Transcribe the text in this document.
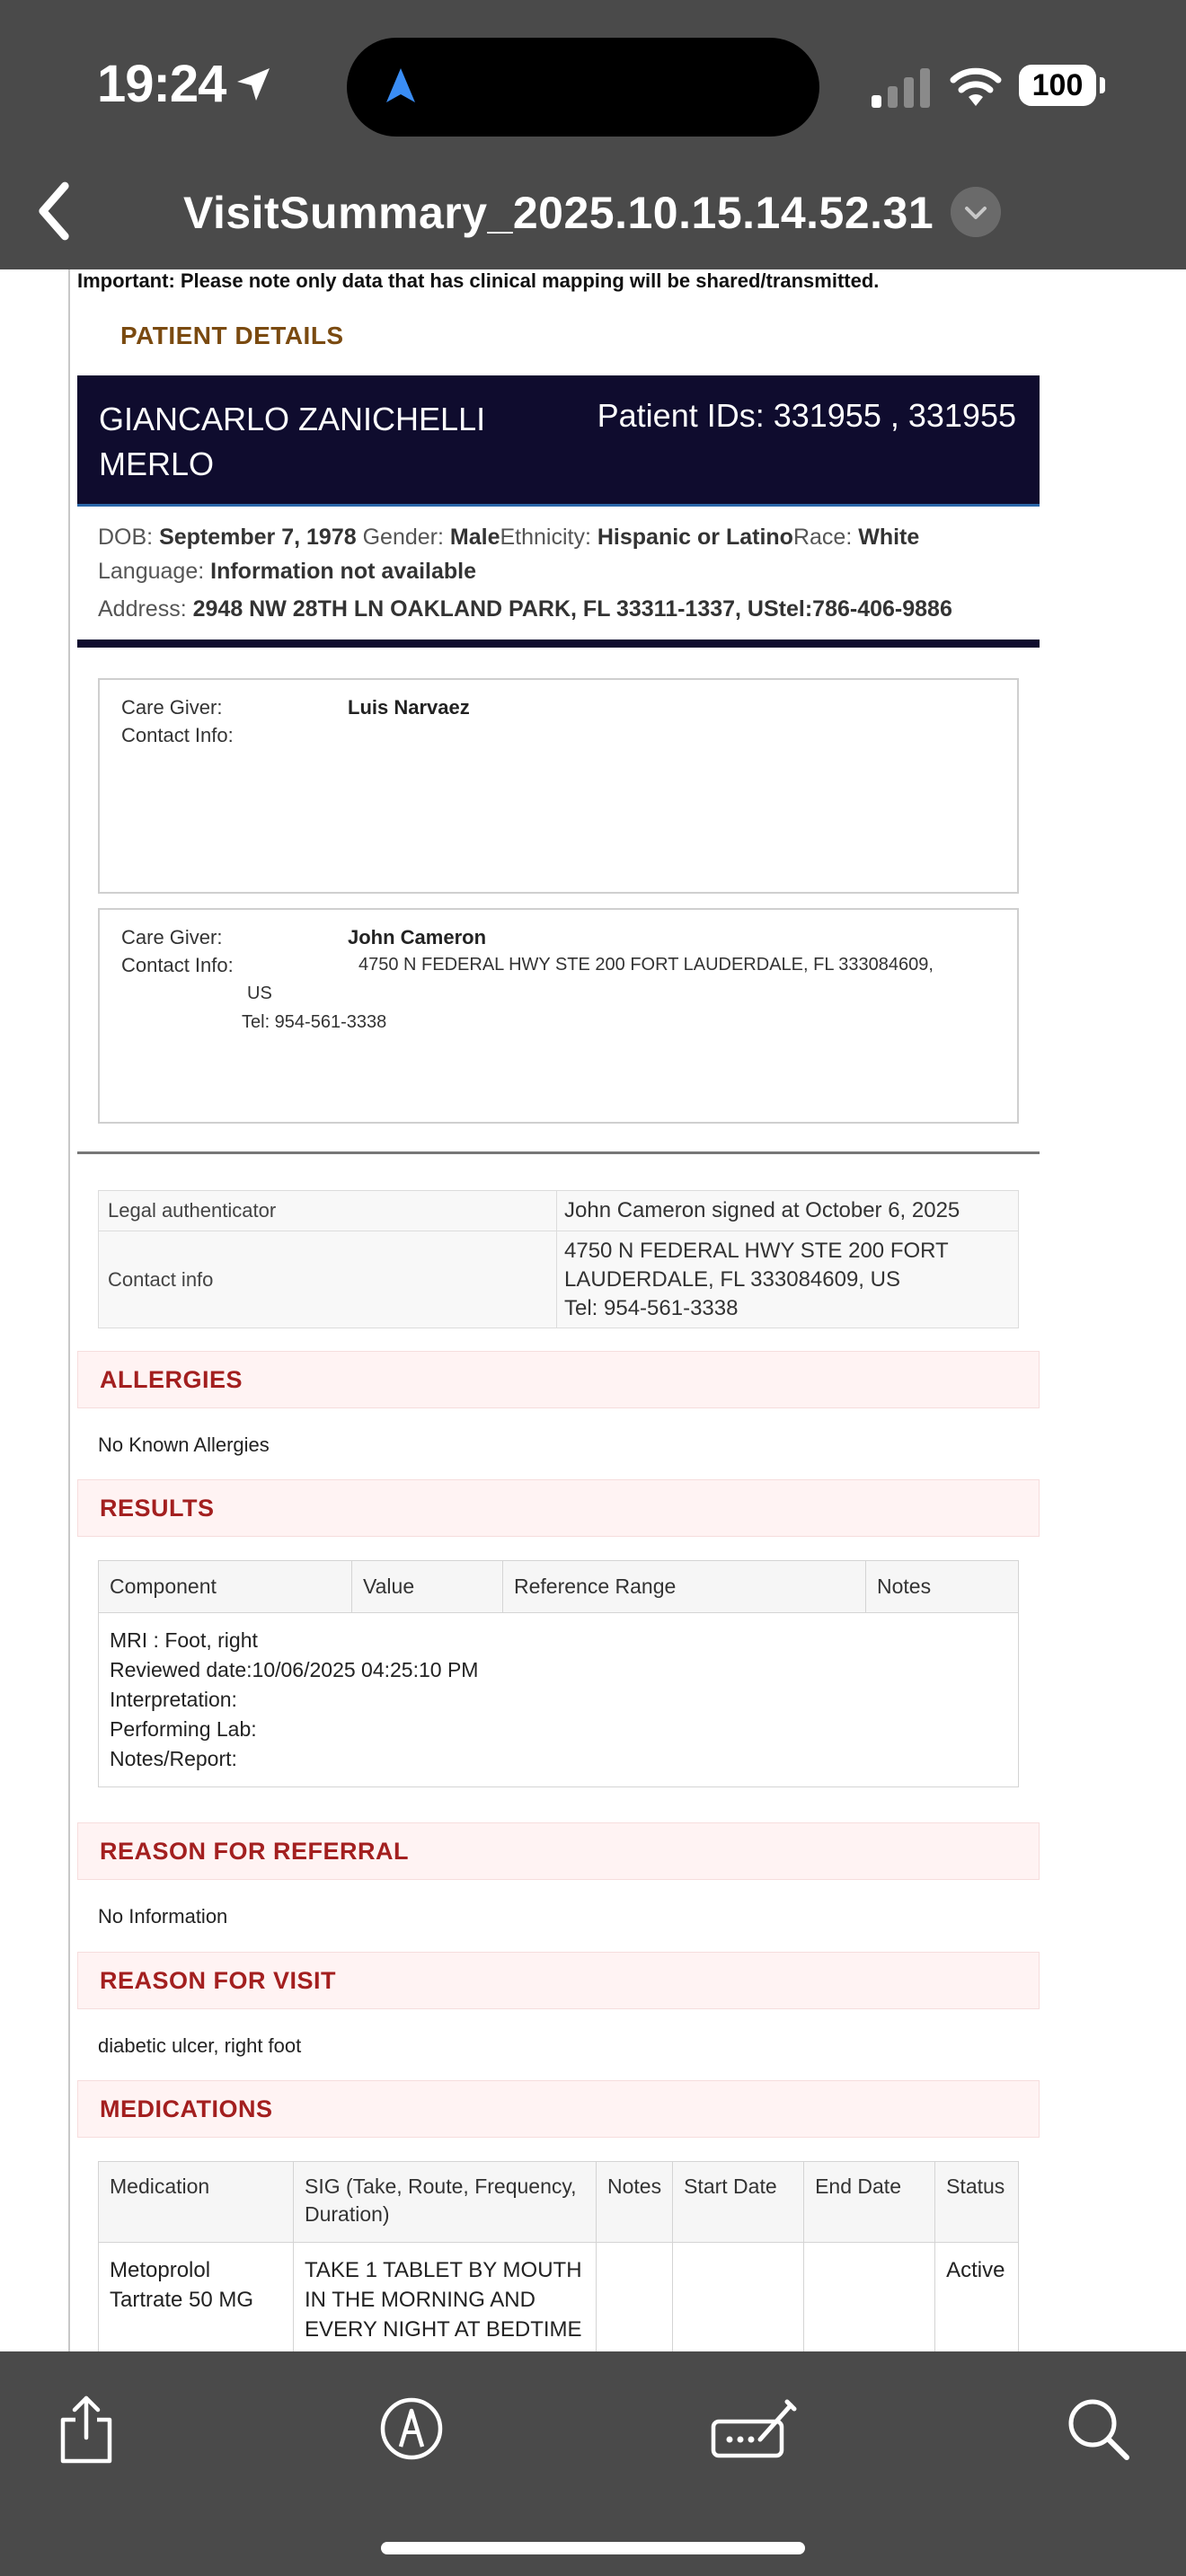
19:24	100
VisitSummary_2025.10.15.14.52.31
Important: Please note only data that has clinical mapping will be shared/transmitted.
PATIENT DETAILS
GIANCARLO ZANICHELLI MERLO
Patient IDs: 331955 , 331955
DOB: September 7, 1978 Gender: MaleEthnicity: Hispanic or LatinoRace: White
Language: Information not available
Address: 2948 NW 28TH LN OAKLAND PARK, FL 33311-1337, UStel:786-406-9886
Care Giver:	Luis Narvaez
Contact Info:
Care Giver:	John Cameron
Contact Info:	4750 N FEDERAL HWY STE 200 FORT LAUDERDALE, FL 333084609,
US
Tel: 954-561-3338
Legal authenticator	John Cameron signed at October 6, 2025
Contact info	4750 N FEDERAL HWY STE 200 FORT
LAUDERDALE, FL 333084609, US
Tel: 954-561-3338
ALLERGIES
No Known Allergies
RESULTS
Component	Value	Reference Range	Notes

MRI : Foot, right
Reviewed date:10/06/2025 04:25:10 PM
Interpretation:
Performing Lab:
Notes/Report:
REASON FOR REFERRAL
No Information
REASON FOR VISIT
diabetic ulcer, right foot
MEDICATIONS
Medication	SIG (Take, Route, Frequency, Duration)	Notes	Start Date	End Date	Status
Metoprolol Tartrate 50 MG	TAKE 1 TABLET BY MOUTH IN THE MORNING AND EVERY NIGHT AT BEDTIME				Active
